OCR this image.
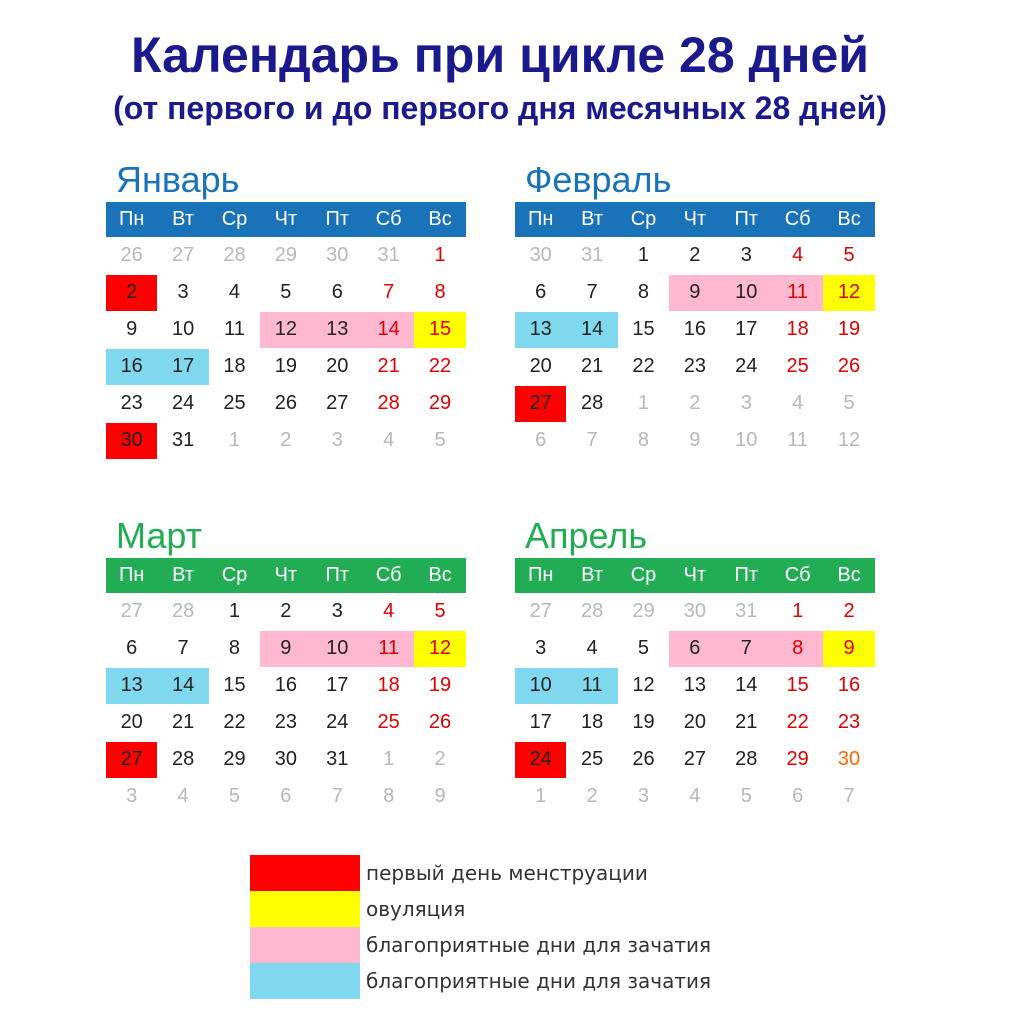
Календарь при цикле 28 дней
(от первого и до первого дня месячных 28 дней)
Январь
Пн	Вт	Ср	Чт	Пт	Сб	Вс
26	27	28	29	30	31	1
2	3	4	5	6	7	8
9	10	11	12	13	14	15
16	17	18	19	20	21	22
23	24	25	26	27	28	29
30	31	1	2	3	4	5
Февраль
Пн	Вт	Ср	Чт	Пт	Сб	Вс
30	31	1	2	3	4	5
6	7	8	9	10	11	12
13	14	15	16	17	18	19
20	21	22	23	24	25	26
27	28	1	2	3	4	5
6	7	8	9	10	11	12
Март
Пн	Вт	Ср	Чт	Пт	Сб	Вс
27	28	1	2	3	4	5
6	7	8	9	10	11	12
13	14	15	16	17	18	19
20	21	22	23	24	25	26
27	28	29	30	31	1	2
3	4	5	6	7	8	9
Апрель
Пн	Вт	Ср	Чт	Пт	Сб	Вс
27	28	29	30	31	1	2
3	4	5	6	7	8	9
10	11	12	13	14	15	16
17	18	19	20	21	22	23
24	25	26	27	28	29	30
1	2	3	4	5	6	7
первый день менструации
овуляция
благоприятные дни для зачатия
благоприятные дни для зачатия
